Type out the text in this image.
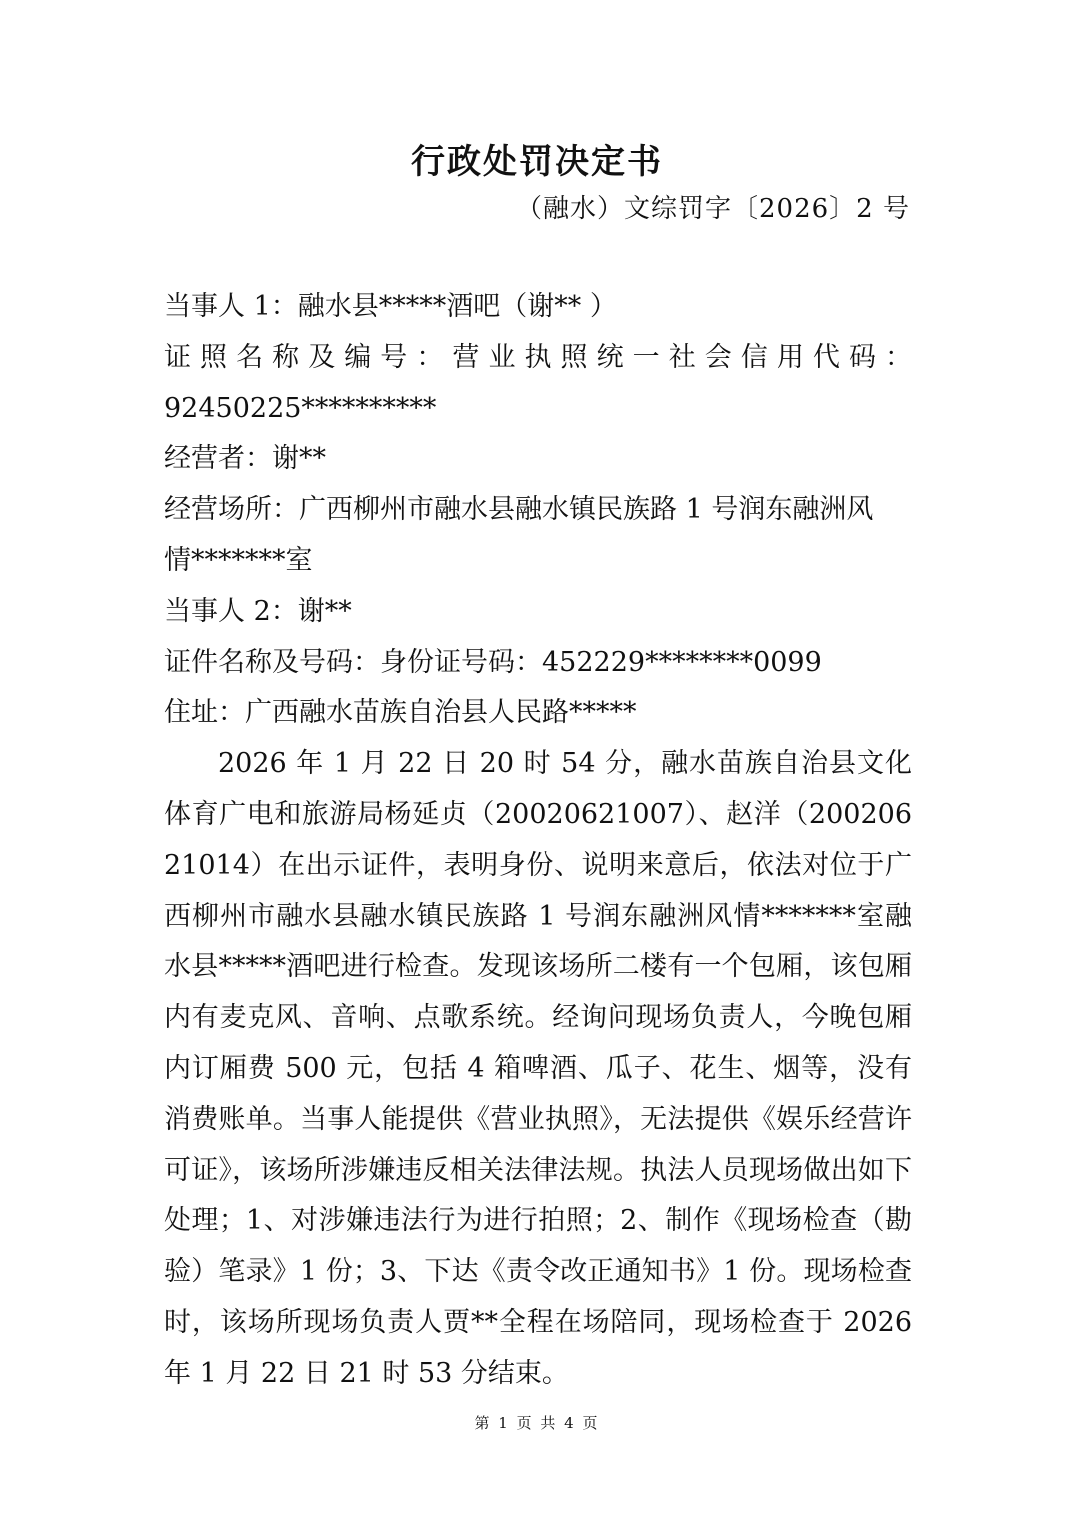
行政处罚决定书
（融水）文综罚字〔2026〕2 号
当事人 1：融水县*****酒吧（谢** ）
证照名称及编号：营业执照统一社会信用代码：
92450225**********
经营者：谢**
经营场所：广西柳州市融水县融水镇民族路 1 号润东融洲风
情*******室
当事人 2：谢**
证件名称及号码：身份证号码：452229********0099
住址：广西融水苗族自治县人民路*****
2026 年 1 月 22 日 20 时 54 分，融水苗族自治县文化体育广电和旅游局杨延贞（20020621007）、赵洋（20020621014）在出示证件，表明身份、说明来意后，依法对位于广西柳州市融水县融水镇民族路 1 号润东融洲风情*******室融水县*****酒吧进行检查。发现该场所二楼有一个包厢，该包厢内有麦克风、音响、点歌系统。经询问现场负责人，今晚包厢内订厢费 500 元，包括 4 箱啤酒、瓜子、花生、烟等，没有消费账单。当事人能提供《营业执照》，无法提供《娱乐经营许可证》，该场所涉嫌违反相关法律法规。执法人员现场做出如下处理；1、对涉嫌违法行为进行拍照；2、制作《现场检查（勘验）笔录》1 份；3、下达《责令改正通知书》1 份。现场检查时，该场所现场负责人贾**全程在场陪同，现场检查于 2026 年 1 月 22 日 21 时 53 分结束。
第 1 页 共 4 页
